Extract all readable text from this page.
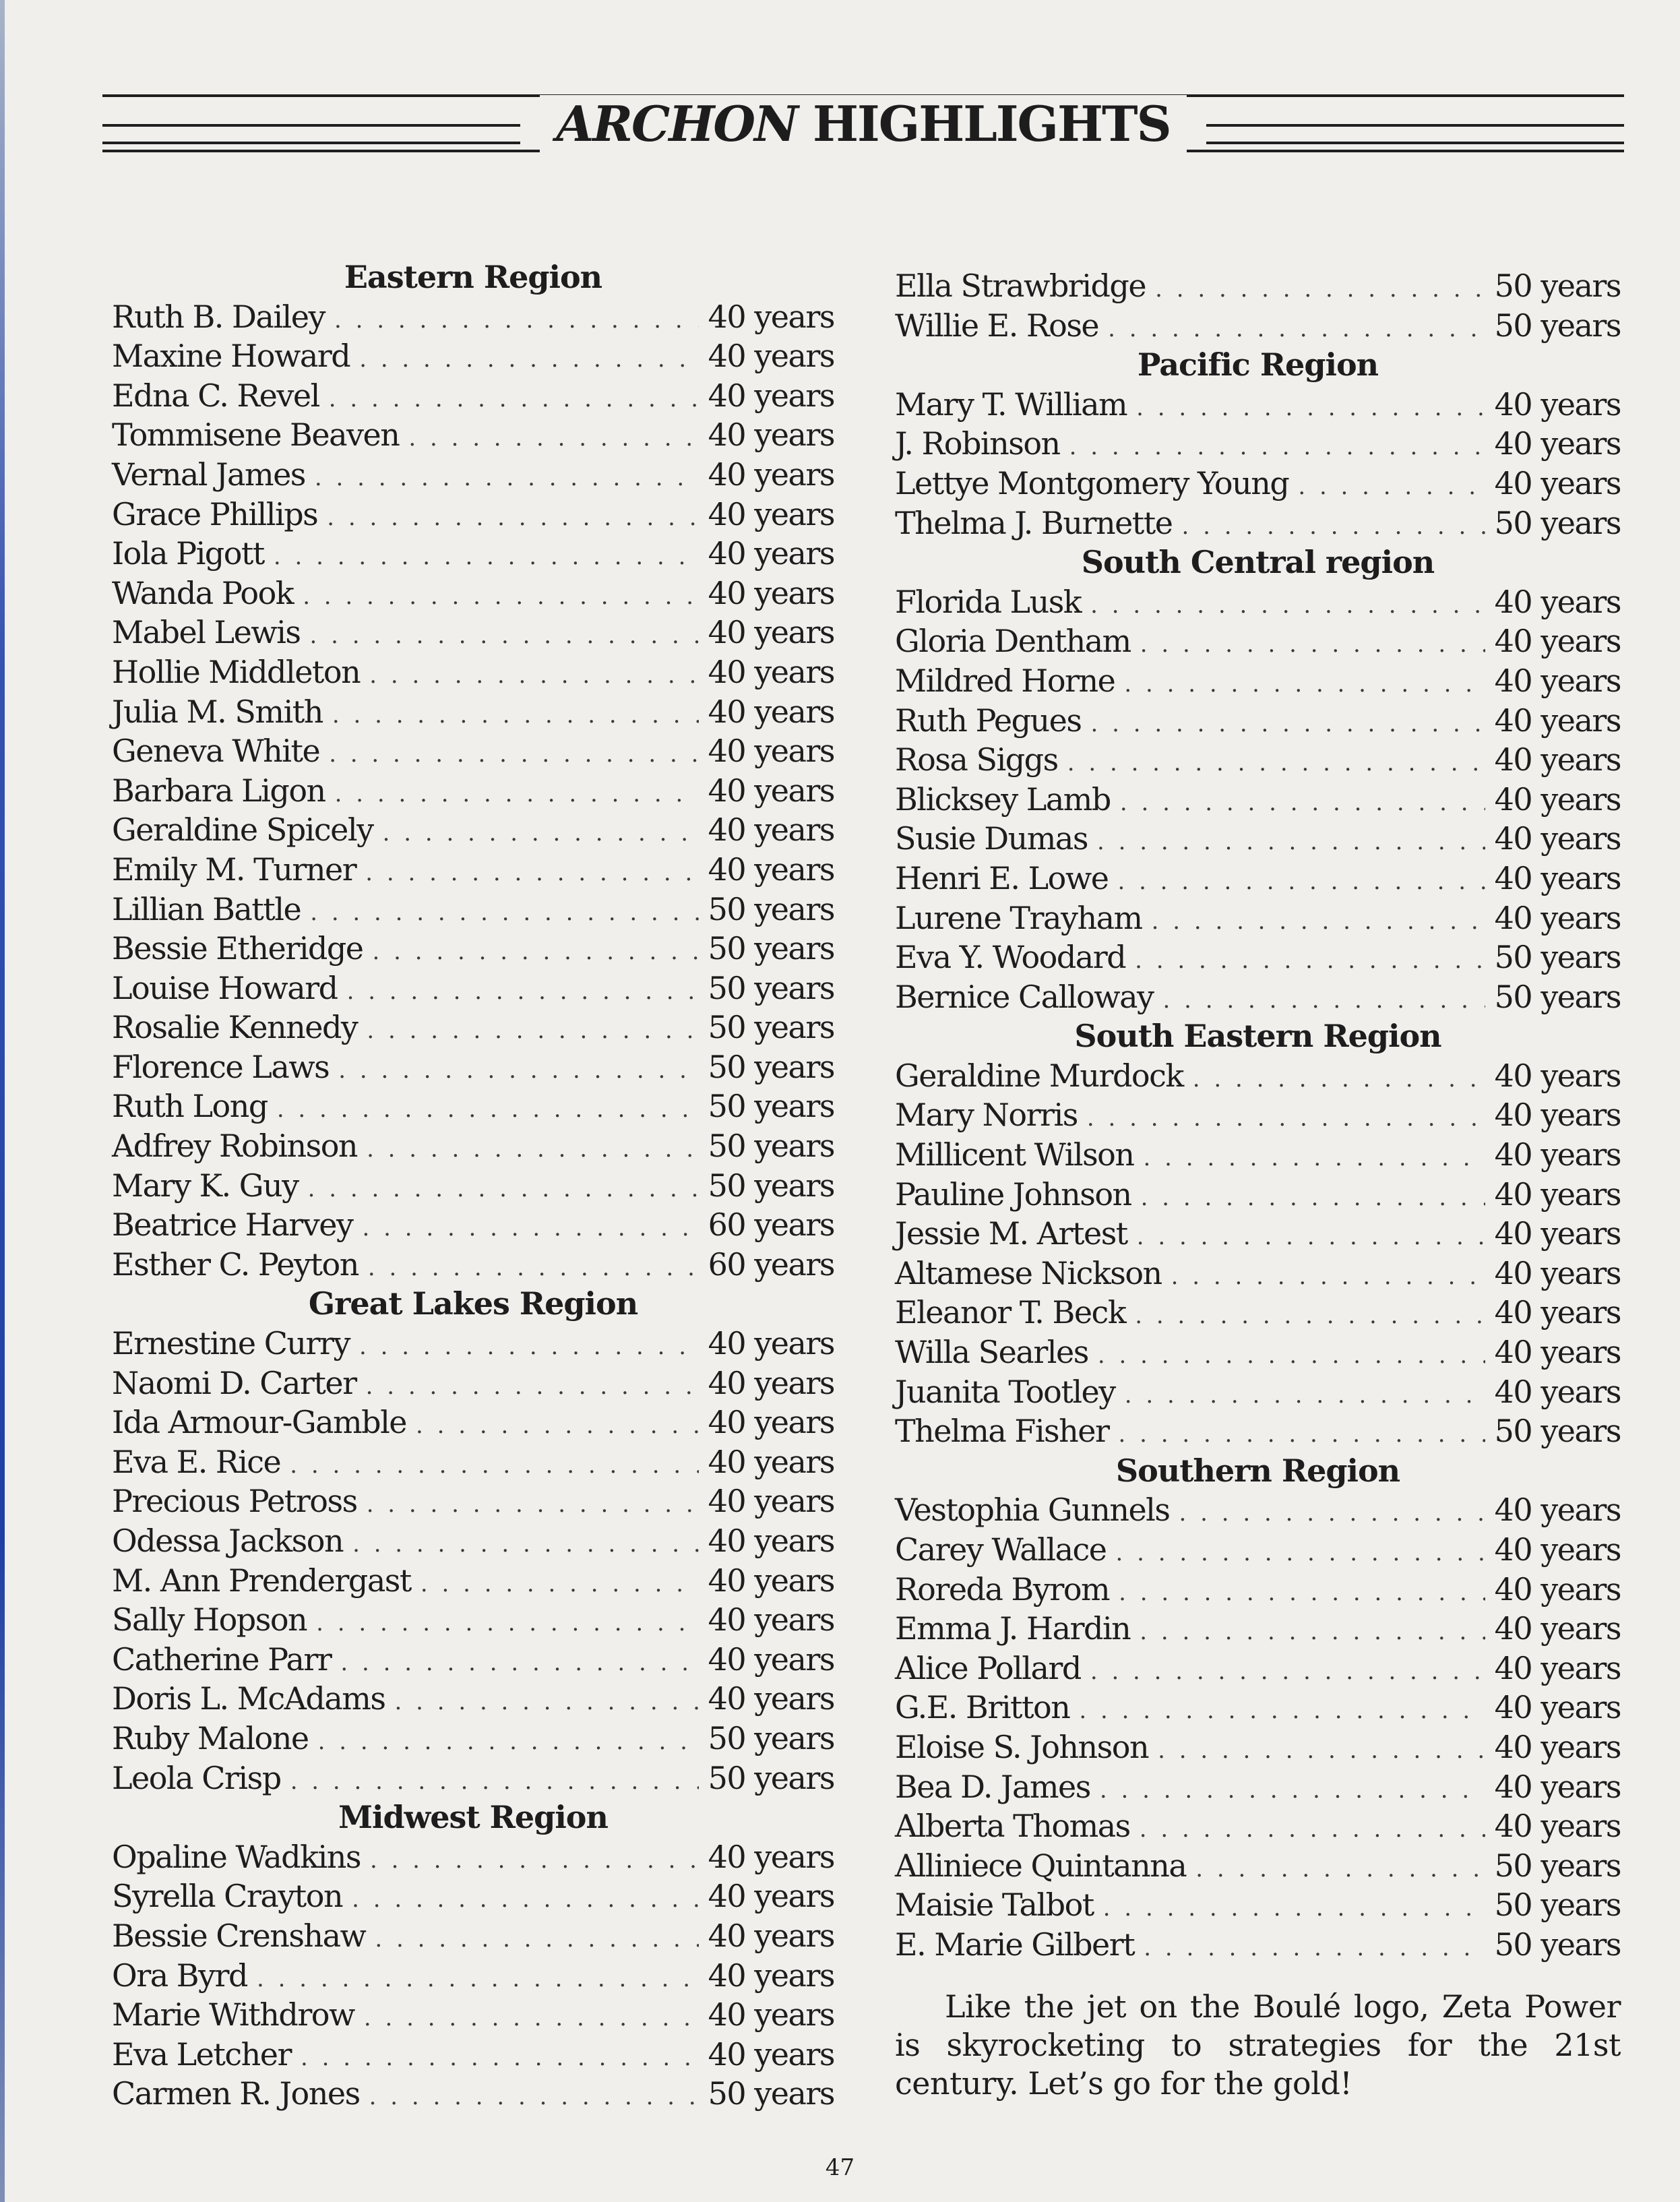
ARCHON HIGHLIGHTS
Eastern Region
Ruth B. Dailey . . .	40 years
Maxine Howard . . .	40 years
Edna C. Revel . . .	40 years
Tommisene Beaven . . .	40 years
Vernal James . . .	40 years
Grace Phillips . . .	40 years
Iola Pigott . . .	40 years
Wanda Pook . . .	40 years
Mabel Lewis . . .	40 years
Hollie Middleton . . .	40 years
Julia M. Smith . . .	40 years
Geneva White . . .	40 years
Barbara Ligon . . .	40 years
Geraldine Spicely . . .	40 years
Emily M. Turner . . .	40 years
Lillian Battle . . .	50 years
Bessie Etheridge . . .	50 years
Louise Howard . . .	50 years
Rosalie Kennedy . . .	50 years
Florence Laws . . .	50 years
Ruth Long . . .	50 years
Adfrey Robinson . . .	50 years
Mary K. Guy . . .	50 years
Beatrice Harvey . . .	60 years
Esther C. Peyton . . .	60 years
Great Lakes Region
Ernestine Curry . . .	40 years
Naomi D. Carter . . .	40 years
Ida Armour-Gamble . . .	40 years
Eva E. Rice . . .	40 years
Precious Petross . . .	40 years
Odessa Jackson . . .	40 years
M. Ann Prendergast . . .	40 years
Sally Hopson . . .	40 years
Catherine Parr . . .	40 years
Doris L. McAdams . . .	40 years
Ruby Malone . . .	50 years
Leola Crisp . . .	50 years
Midwest Region
Opaline Wadkins . . .	40 years
Syrella Crayton . . .	40 years
Bessie Crenshaw . . .	40 years
Ora Byrd . . .	40 years
Marie Withdrow . . .	40 years
Eva Letcher . . .	40 years
Carmen R. Jones . . .	50 years
Ella Strawbridge . . .	50 years
Willie E. Rose . . .	50 years
Pacific Region
Mary T. William . . .	40 years
J. Robinson . . .	40 years
Lettye Montgomery Young . . .	40 years
Thelma J. Burnette . . .	50 years
South Central region
Florida Lusk . . .	40 years
Gloria Dentham . . .	40 years
Mildred Horne . . .	40 years
Ruth Pegues . . .	40 years
Rosa Siggs . . .	40 years
Blicksey Lamb . . .	40 years
Susie Dumas . . .	40 years
Henri E. Lowe . . .	40 years
Lurene Trayham . . .	40 years
Eva Y. Woodard . . .	50 years
Bernice Calloway . . .	50 years
South Eastern Region
Geraldine Murdock . . .	40 years
Mary Norris . . .	40 years
Millicent Wilson . . .	40 years
Pauline Johnson . . .	40 years
Jessie M. Artest . . .	40 years
Altamese Nickson . . .	40 years
Eleanor T. Beck . . .	40 years
Willa Searles . . .	40 years
Juanita Tootley . . .	40 years
Thelma Fisher . . .	50 years
Southern Region
Vestophia Gunnels . . .	40 years
Carey Wallace . . .	40 years
Roreda Byrom . . .	40 years
Emma J. Hardin . . .	40 years
Alice Pollard . . .	40 years
G.E. Britton . . .	40 years
Eloise S. Johnson . . .	40 years
Bea D. James . . .	40 years
Alberta Thomas . . .	40 years
Alliniece Quintanna . . .	50 years
Maisie Talbot . . .	50 years
E. Marie Gilbert . . .	50 years

Like the jet on the Boulé logo, Zeta Power is skyrocketing to strategies for the 21st century. Let’s go for the gold!

47
